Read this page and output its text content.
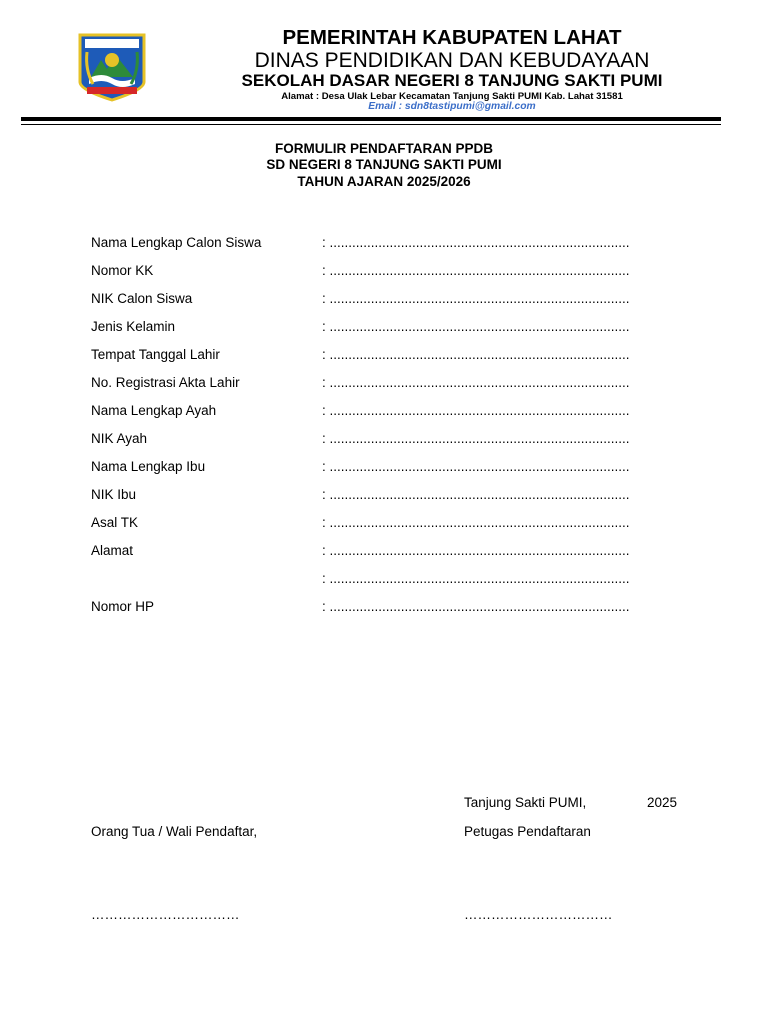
PEMERINTAH KABUPATEN LAHAT
DINAS PENDIDIKAN DAN KEBUDAYAAN
SEKOLAH DASAR NEGERI 8 TANJUNG SAKTI PUMI
Alamat : Desa Ulak Lebar Kecamatan Tanjung Sakti PUMI Kab. Lahat 31581
Email : sdn8tastipumi@gmail.com
FORMULIR PENDAFTARAN PPDB
SD NEGERI 8 TANJUNG SAKTI PUMI
TAHUN AJARAN 2025/2026
Nama Lengkap Calon Siswa	: ................................................................................
Nomor KK	: ................................................................................
NIK Calon Siswa	: ................................................................................
Jenis Kelamin	: ................................................................................
Tempat Tanggal Lahir	: ................................................................................
No. Registrasi Akta Lahir	: ................................................................................
Nama Lengkap Ayah	: ................................................................................
NIK Ayah	: ................................................................................
Nama Lengkap Ibu	: ................................................................................
NIK Ibu	: ................................................................................
Asal TK	: ................................................................................
Alamat	: ................................................................................
: ................................................................................
Nomor HP	: ................................................................................
Tanjung Sakti PUMI,	2025
Orang Tua / Wali Pendaftar,	Petugas Pendaftaran
……………………………	……………………………
